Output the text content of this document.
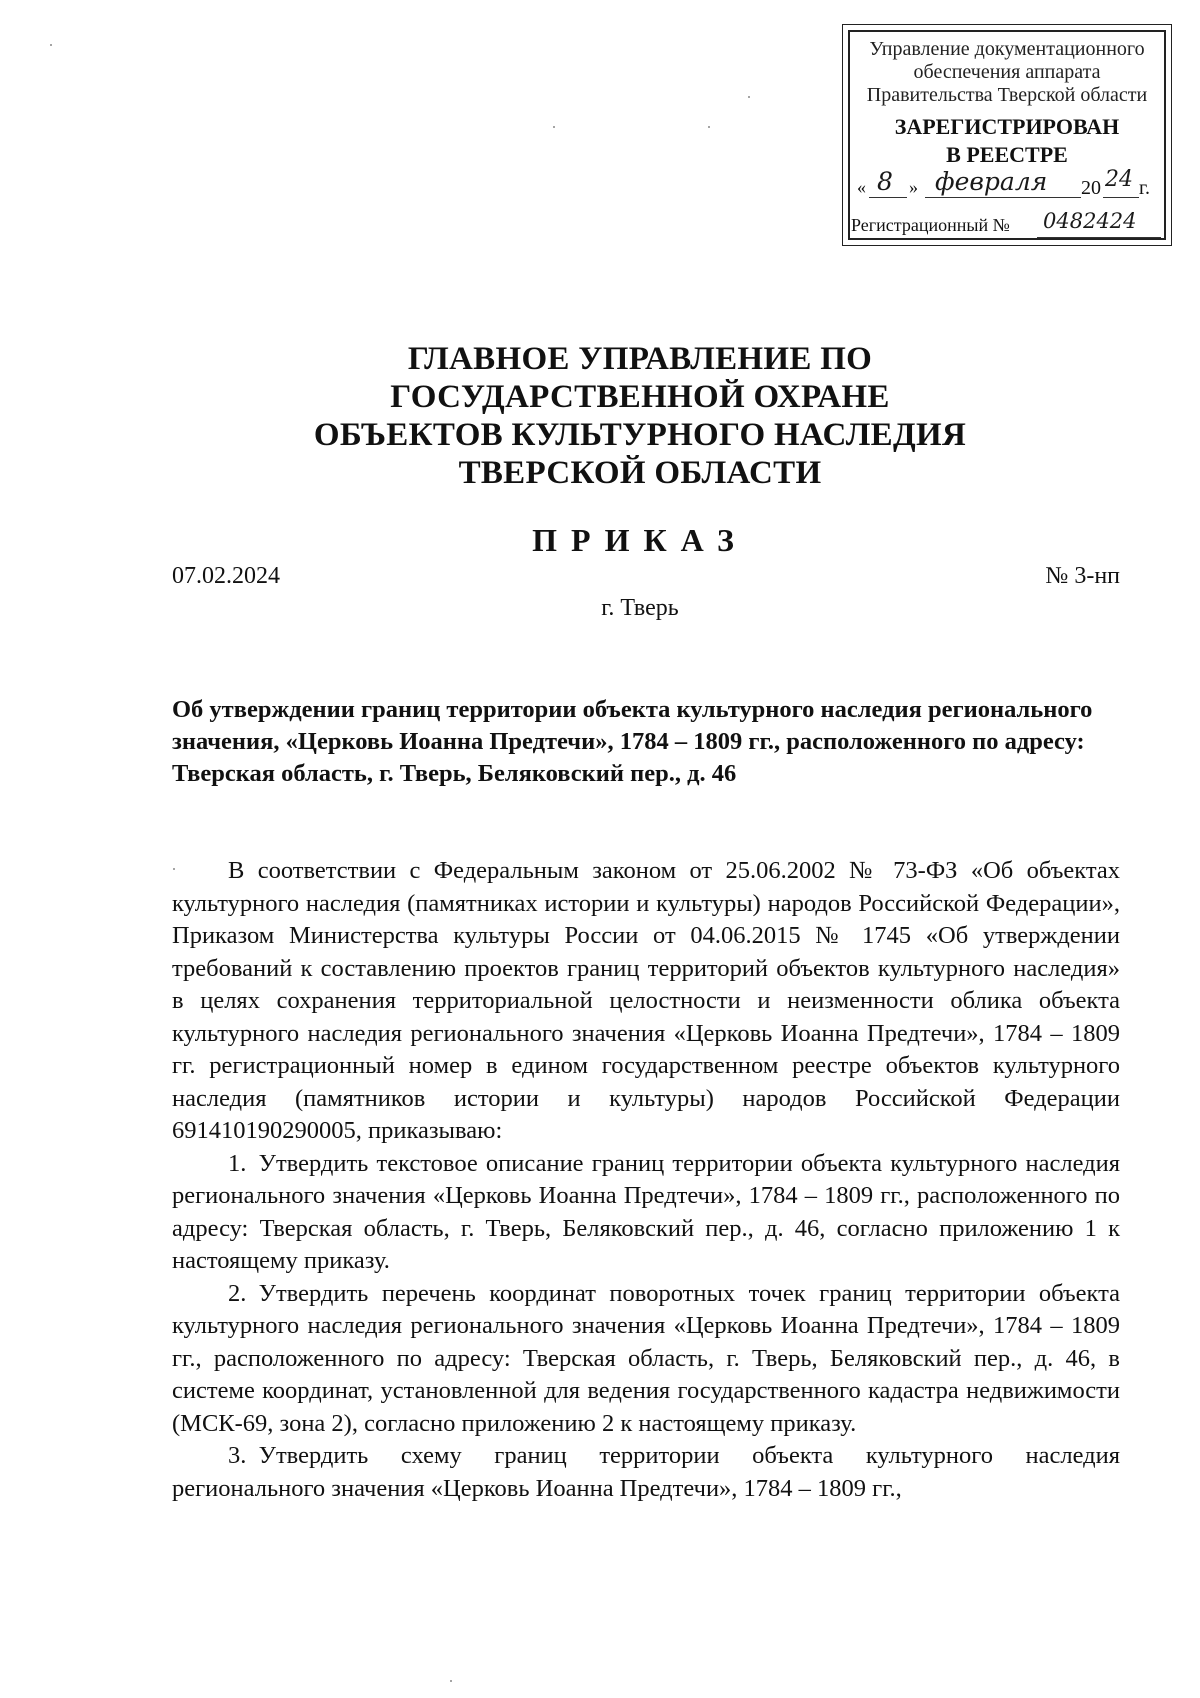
Управление документационного
обеспечения аппарата
Правительства Тверской области
ЗАРЕГИСТРИРОВАН
В РЕЕСТРЕ
« 8 » февраля 20 24 г.
Регистрационный № 0482424
ГЛАВНОЕ УПРАВЛЕНИЕ ПО
ГОСУДАРСТВЕННОЙ ОХРАНЕ
ОБЪЕКТОВ КУЛЬТУРНОГО НАСЛЕДИЯ
ТВЕРСКОЙ ОБЛАСТИ
ПРИКАЗ
07.02.2024	№ 3-нп
г. Тверь
Об утверждении границ территории объекта культурного наследия регионального значения, «Церковь Иоанна Предтечи», 1784 – 1809 гг., расположенного по адресу: Тверская область, г. Тверь, Беляковский пер., д. 46

В соответствии с Федеральным законом от 25.06.2002 № 73-ФЗ «Об объектах культурного наследия (памятниках истории и культуры) народов Российской Федерации», Приказом Министерства культуры России от 04.06.2015 № 1745 «Об утверждении требований к составлению проектов границ территорий объектов культурного наследия» в целях сохранения территориальной целостности и неизменности облика объекта культурного наследия регионального значения «Церковь Иоанна Предтечи», 1784 – 1809 гг. регистрационный номер в едином государственном реестре объектов культурного наследия (памятников истории и культуры) народов Российской Федерации 691410190290005, приказываю:

1. Утвердить текстовое описание границ территории объекта культурного наследия регионального значения «Церковь Иоанна Предтечи», 1784 – 1809 гг., расположенного по адресу: Тверская область, г. Тверь, Беляковский пер., д. 46, согласно приложению 1 к настоящему приказу.

2. Утвердить перечень координат поворотных точек границ территории объекта культурного наследия регионального значения «Церковь Иоанна Предтечи», 1784 – 1809 гг., расположенного по адресу: Тверская область, г. Тверь, Беляковский пер., д. 46, в системе координат, установленной для ведения государственного кадастра недвижимости (МСК-69, зона 2), согласно приложению 2 к настоящему приказу.

3. Утвердить схему границ территории объекта культурного наследия регионального значения «Церковь Иоанна Предтечи», 1784 – 1809 гг.,
